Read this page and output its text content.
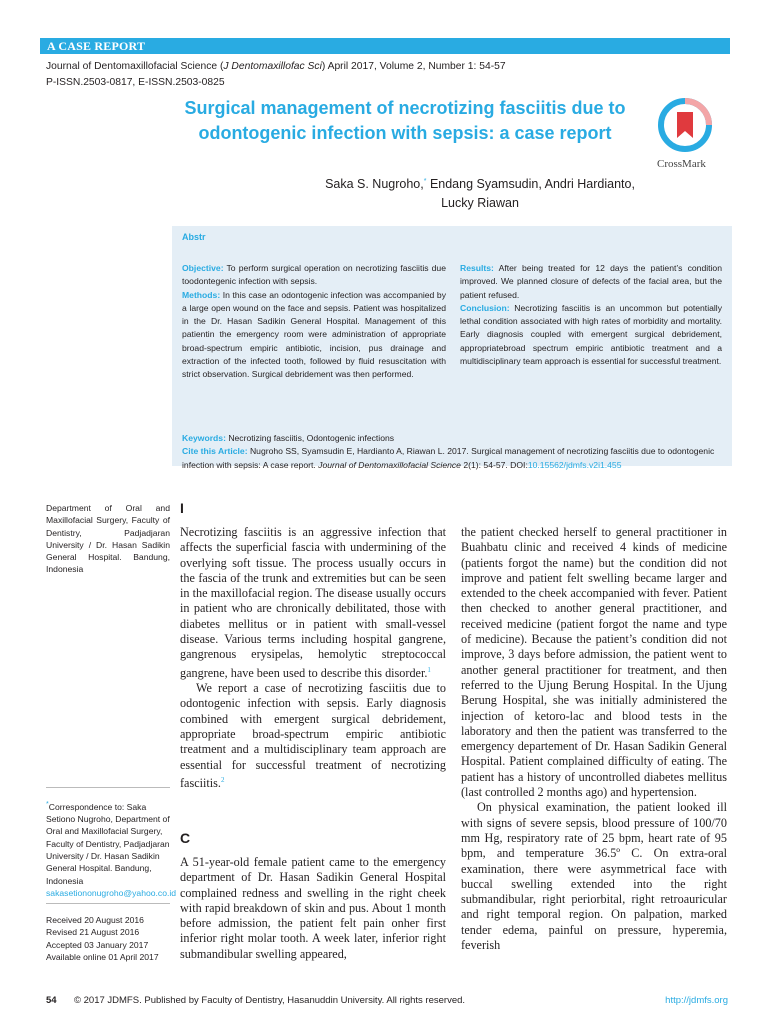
A CASE REPORT
Journal of Dentomaxillofacial Science (J Dentomaxillofac Sci) April 2017, Volume 2, Number 1: 54-57
P-ISSN.2503-0817, E-ISSN.2503-0825
Surgical management of necrotizing fasciitis due to odontogenic infection with sepsis: a case report
CrossMark
Saka S. Nugroho,* Endang Syamsudin, Andri Hardianto,
Lucky Riawan
Abstr
Objective: To perform surgical operation on necrotizing fasciitis due toodontegenic infection with sepsis.
Methods: In this case an odontogenic infection was accompanied by a large open wound on the face and sepsis. Patient was hospitalized in the Dr. Hasan Sadikin General Hospital. Management of this patientin the emergency room were administration of appropriate broad-spectrum empiric antibiotic, incision, pus drainage and extraction of the infected tooth, followed by fluid resuscitation with strict observation. Surgical debridement was then performed.
Results: After being treated for 12 days the patient’s condition improved. We planned closure of defects of the facial area, but the patient refused.
Conclusion: Necrotizing fasciitis is an uncommon but potentially lethal condition associated with high rates of morbidity and mortality. Early diagnosis coupled with emergent surgical debridement, appropriatebroad spectrum empiric antibiotic treatment and a multidisciplinary team approach is essential for successful treatment.
Keywords: Necrotizing fasciitis, Odontogenic infections
Cite this Article: Nugroho SS, Syamsudin E, Hardianto A, Riawan L. 2017. Surgical management of necrotizing fasciitis due to odontogenic infection with sepsis: A case report. Journal of Dentomaxillofacial Science 2(1): 54-57. DOI:10.15562/jdmfs.v2i1.455
Department of Oral and Maxillofacial Surgery, Faculty of Dentistry, Padjadjaran University / Dr. Hasan Sadikin General Hospital. Bandung, Indonesia
*Correspondence to: Saka Setiono Nugroho, Department of Oral and Maxillofacial Surgery, Faculty of Dentistry, Padjadjaran University / Dr. Hasan Sadikin General Hospital. Bandung, Indonesia
sakasetiononugroho@yahoo.co.id
Received 20 August 2016
Revised 21 August 2016
Accepted 03 January 2017
Available online 01 April 2017
I

Necrotizing fasciitis is an aggressive infection that affects the superficial fascia with undermining of the overlying soft tissue. The process usually occurs in the fascia of the trunk and extremities but can be seen in the maxillofacial region. The disease usually occurs in patient who are chronically debilitated, those with diabetes mellitus or in patient with small-vessel disease. Various terms including hospital gangrene, gangrenous erysipelas, hemolytic streptococcal gangrene, have been used to describe this disorder.$^1$

We report a case of necrotizing fasciitis due to odontogenic infection with sepsis. Early diagnosis combined with emergent surgical debridement, appropriate broad-spectrum empiric antibiotic treatment and a multidisciplinary team approach are essential for successful treatment of necrotizing fasciitis.$^2$

C

A 51-year-old female patient came to the emergency department of Dr. Hasan Sadikin General Hospital complained redness and swelling in the right cheek with rapid breakdown of skin and pus. About 1 month before admission, the patient felt pain onher first inferior right molar tooth. A week later, inferior right submandibular swelling appeared,

the patient checked herself to general practitioner in Buahbatu clinic and received 4 kinds of medicine (patients forgot the name) but the condition did not improve and patient felt swelling became larger and extended to the cheek accompanied with fever. Patient then checked to another general practitioner, and received medicine (patient forgot the name and type of medicine). Because the patient’s condition did not improve, 3 days before admission, the patient went to another general practitioner for treatment, and then referred to the Ujung Berung Hospital. In the Ujung Berung Hospital, she was initially administered the injection of ketoro-lac and blood tests in the laboratory and then the patient was transferred to the emergency departement of Dr. Hasan Sadikin General Hospital. Patient complained difficulty of eating. The patient has a history of uncontrolled diabetes mellitus (last controlled 2 months ago) and hypertension.

On physical examination, the patient looked ill with signs of severe sepsis, blood pressure of 100/70 mm Hg, respiratory rate of 25 bpm, heart rate of 95 bpm, and temperature 36.5º C. On extra-oral examination, there were asymmetrical face with buccal swelling extended into the right submandibular, right periorbital, right retroauricular and right temporal region. On palpation, marked tender edema, painful on pressure, hyperemia, feverish

54 © 2017 JDMFS. Published by Faculty of Dentistry, Hasanuddin University. All rights reserved.	http://jdmfs.org
